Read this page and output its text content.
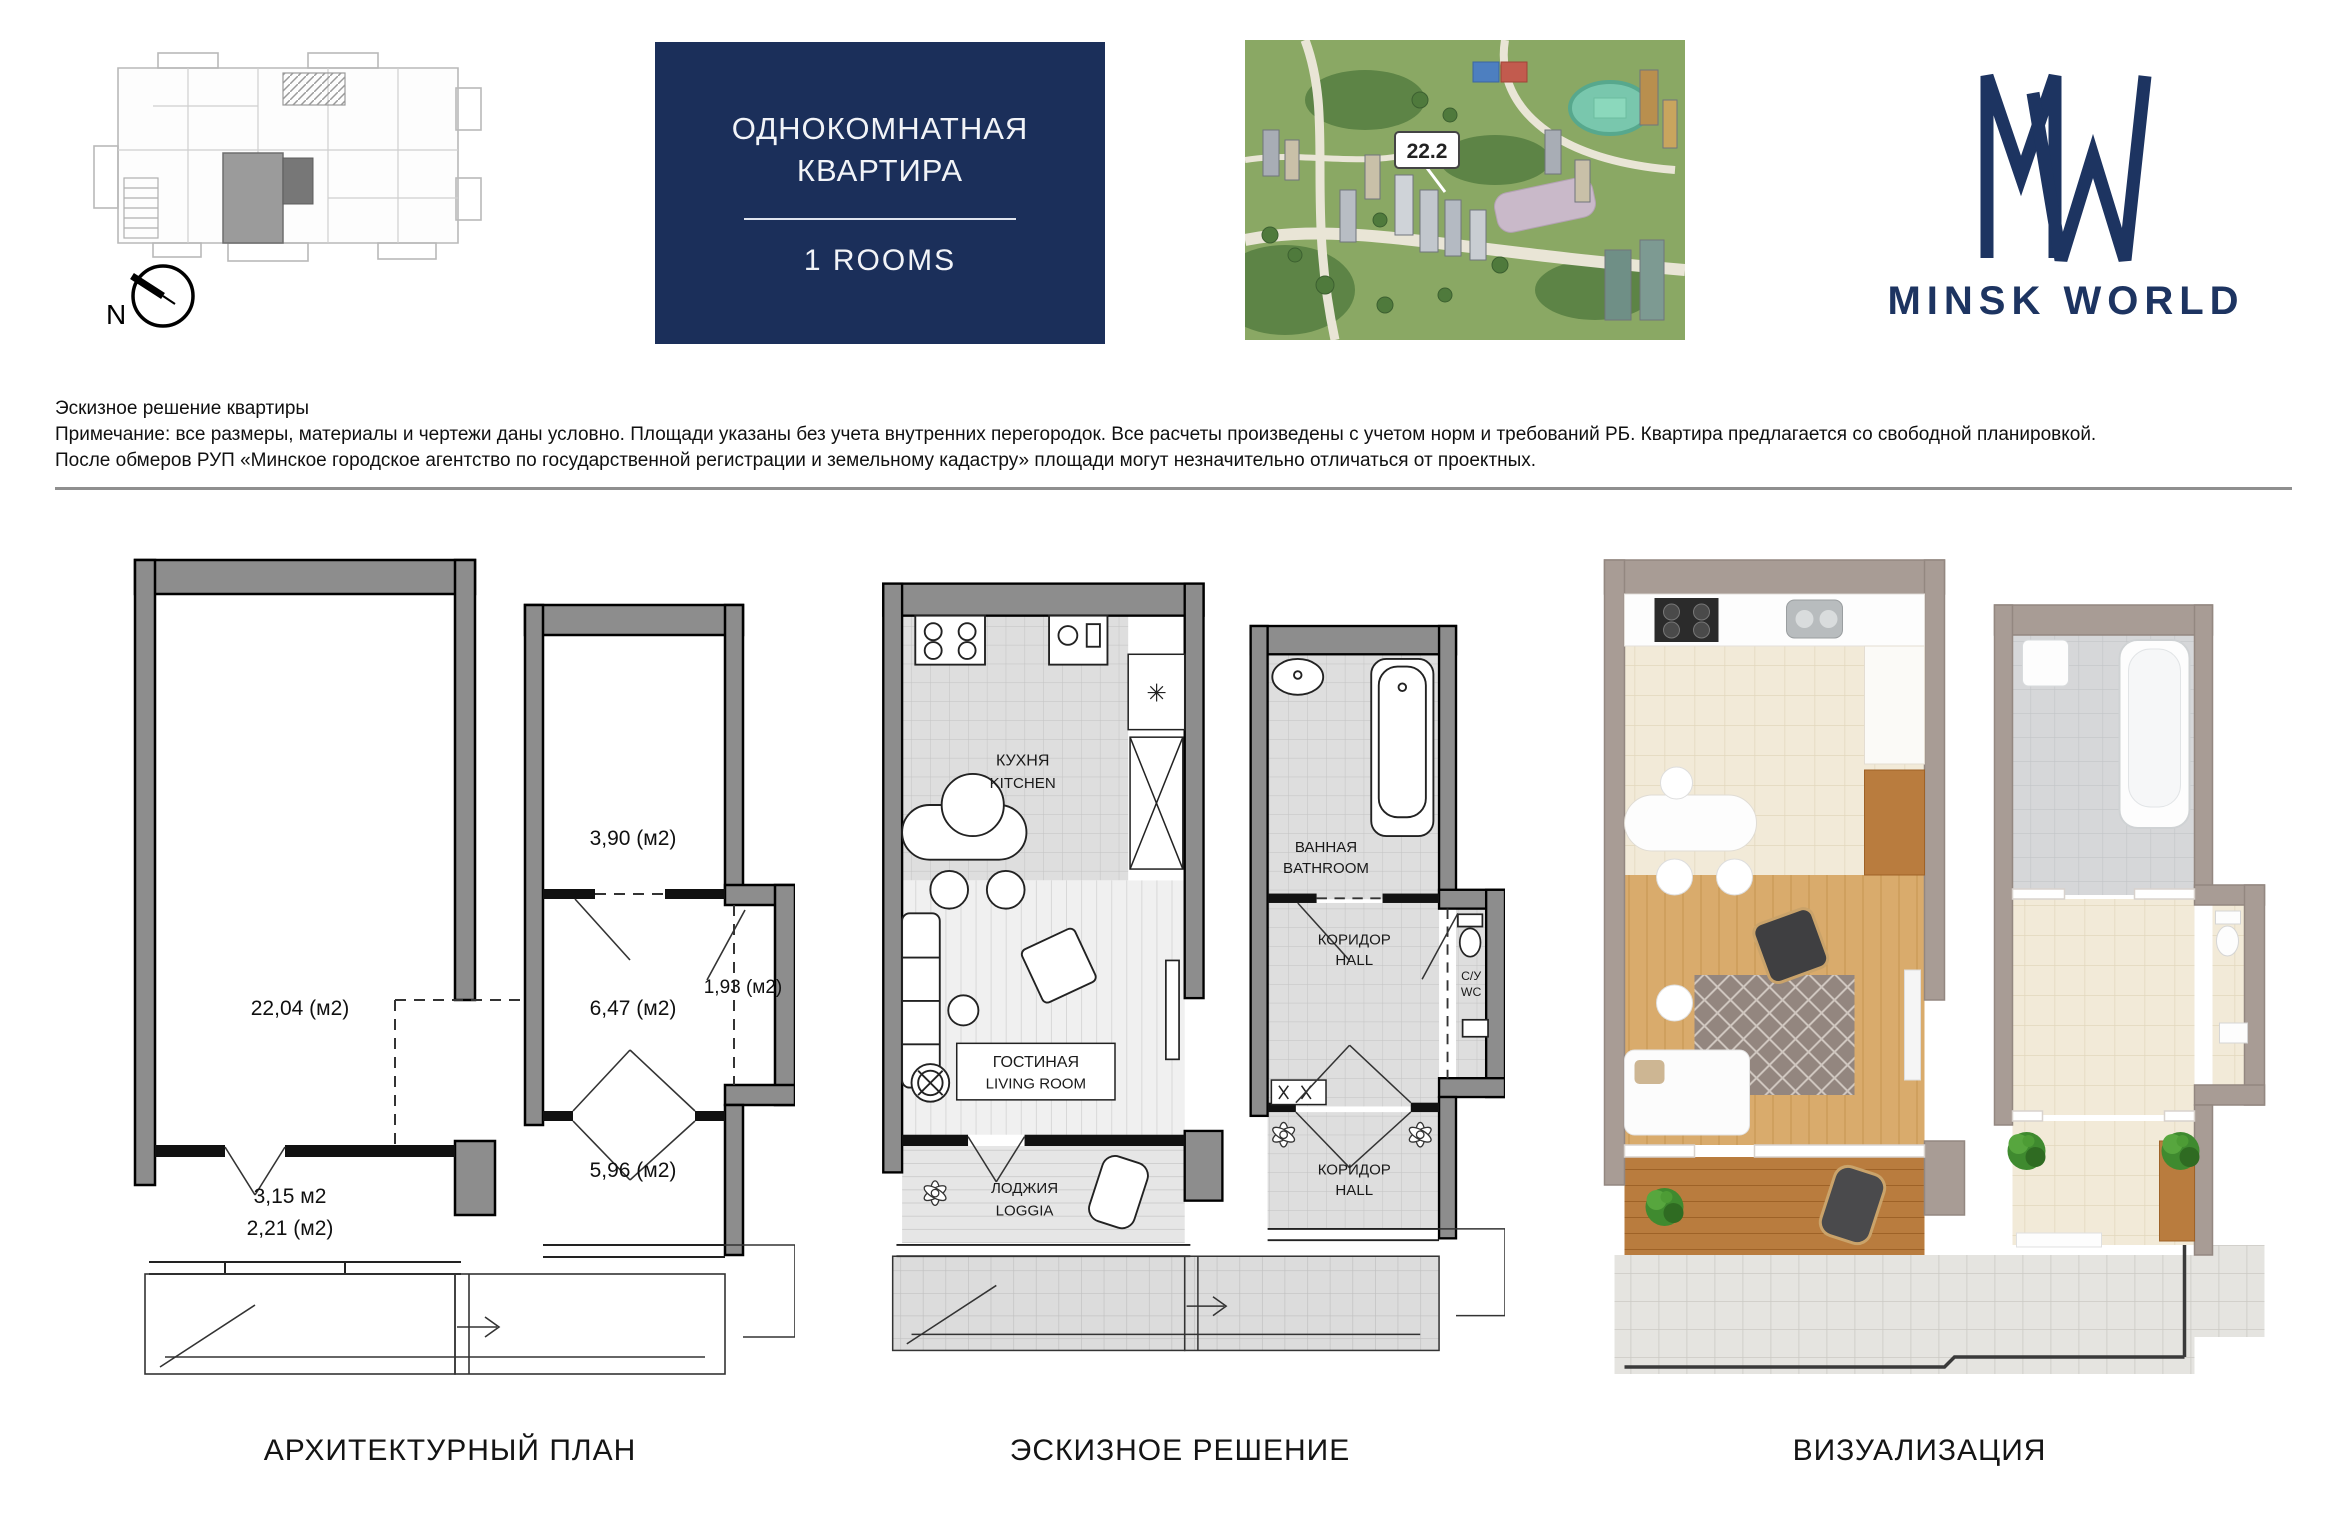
N
ОДНОКОМНАТНАЯ
КВАРТИРА
1 ROOMS
22.2
MINSK WORLD
Эскизное решение квартиры
Примечание: все размеры, материалы и чертежи даны условно. Площади указаны без учета внутренних перегородок. Все расчеты произведены с учетом норм и требований РБ. Квартира предлагается со свободной планировкой.
После обмеров РУП «Минское городское агентство по государственной регистрации и земельному кадастру» площади могут незначительно отличаться от проектных.
22,04 (м2)
3,90 (м2)
1,93 (м2)
6,47 (м2)
5,96 (м2)
3,15 м2
2,21 (м2)
АРХИТЕКТУРНЫЙ ПЛАН
✳
КУХНЯ
KITCHEN
ВАННАЯ
BATHROOM
С/У
WC
ГОСТИНАЯ
LIVING ROOM
КОРИДОР
HALL
КОРИДОР
HALL
ЛОДЖИЯ
LOGGIA
ЭСКИЗНОЕ РЕШЕНИЕ	ВИЗУАЛИЗАЦИЯ
